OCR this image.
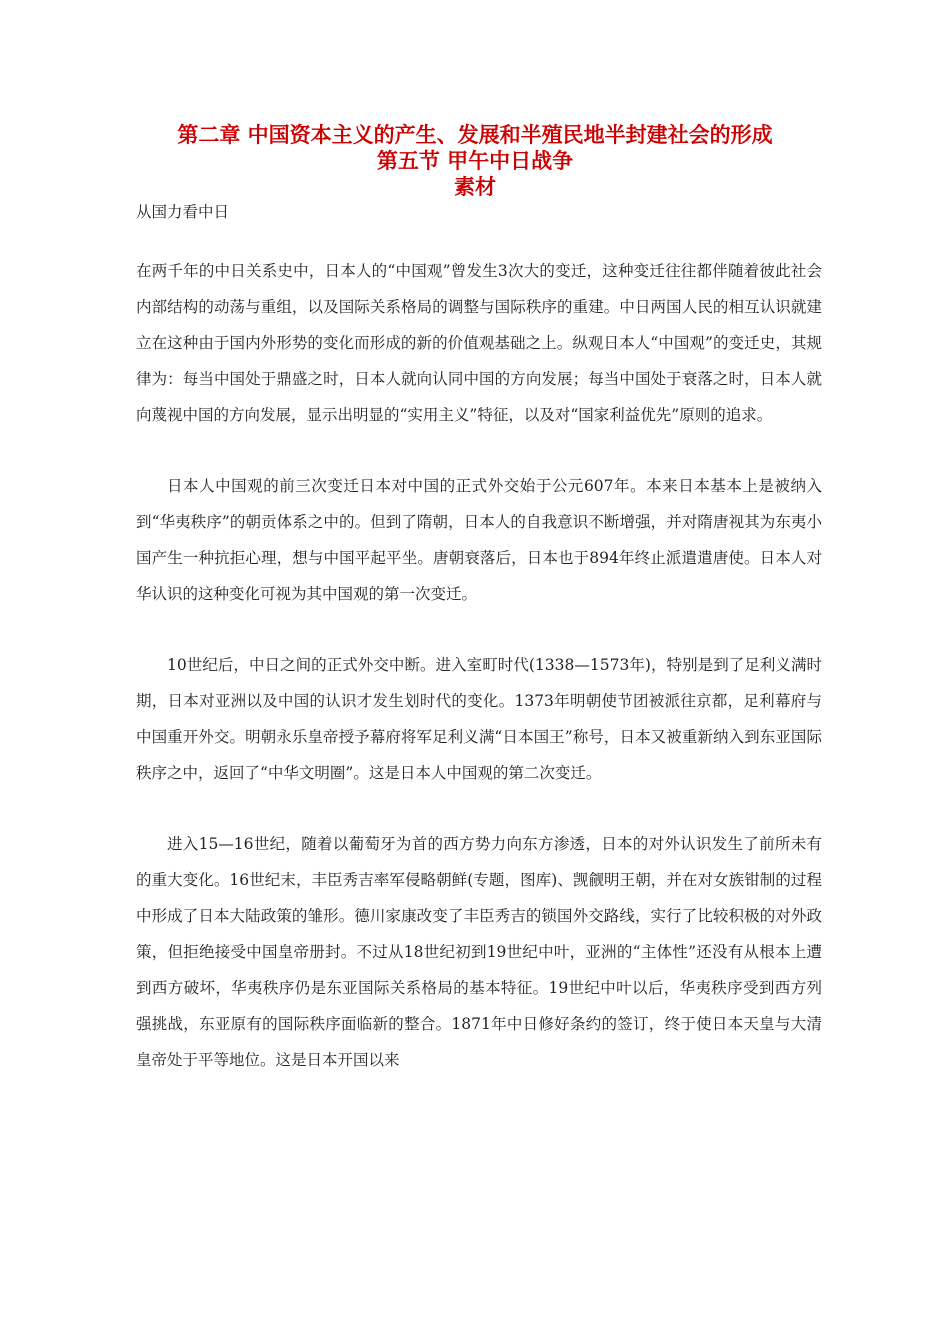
第二章 中国资本主义的产生、发展和半殖民地半封建社会的形成
第五节 甲午中日战争
素材
从国力看中日

在两千年的中日关系史中，日本人的“中国观”曾发生3次大的变迁，这种变迁往往都伴随着彼此社会内部结构的动荡与重组，以及国际关系格局的调整与国际秩序的重建。中日两国人民的相互认识就建立在这种由于国内外形势的变化而形成的新的价值观基础之上。纵观日本人“中国观”的变迁史，其规律为：每当中国处于鼎盛之时，日本人就向认同中国的方向发展；每当中国处于衰落之时，日本人就向蔑视中国的方向发展，显示出明显的“实用主义”特征，以及对“国家利益优先”原则的追求。

日本人中国观的前三次变迁日本对中国的正式外交始于公元607年。本来日本基本上是被纳入到“华夷秩序”的朝贡体系之中的。但到了隋朝，日本人的自我意识不断增强，并对隋唐视其为东夷小国产生一种抗拒心理，想与中国平起平坐。唐朝衰落后，日本也于894年终止派遣遣唐使。日本人对华认识的这种变化可视为其中国观的第一次变迁。

10世纪后，中日之间的正式外交中断。进入室町时代(1338—1573年)，特别是到了足利义满时期，日本对亚洲以及中国的认识才发生划时代的变化。1373年明朝使节团被派往京都，足利幕府与中国重开外交。明朝永乐皇帝授予幕府将军足利义满“日本国王”称号，日本又被重新纳入到东亚国际秩序之中，返回了“中华文明圈”。这是日本人中国观的第二次变迁。

进入15—16世纪，随着以葡萄牙为首的西方势力向东方渗透，日本的对外认识发生了前所未有的重大变化。16世纪末，丰臣秀吉率军侵略朝鲜(专题，图库)、觊觎明王朝，并在对女族钳制的过程中形成了日本大陆政策的雏形。德川家康改变了丰臣秀吉的锁国外交路线，实行了比较积极的对外政策，但拒绝接受中国皇帝册封。不过从18世纪初到19世纪中叶，亚洲的“主体性”还没有从根本上遭到西方破坏，华夷秩序仍是东亚国际关系格局的基本特征。19世纪中叶以后，华夷秩序受到西方列强挑战，东亚原有的国际秩序面临新的整合。1871年中日修好条约的签订，终于使日本天皇与大清皇帝处于平等地位。这是日本开国以来
